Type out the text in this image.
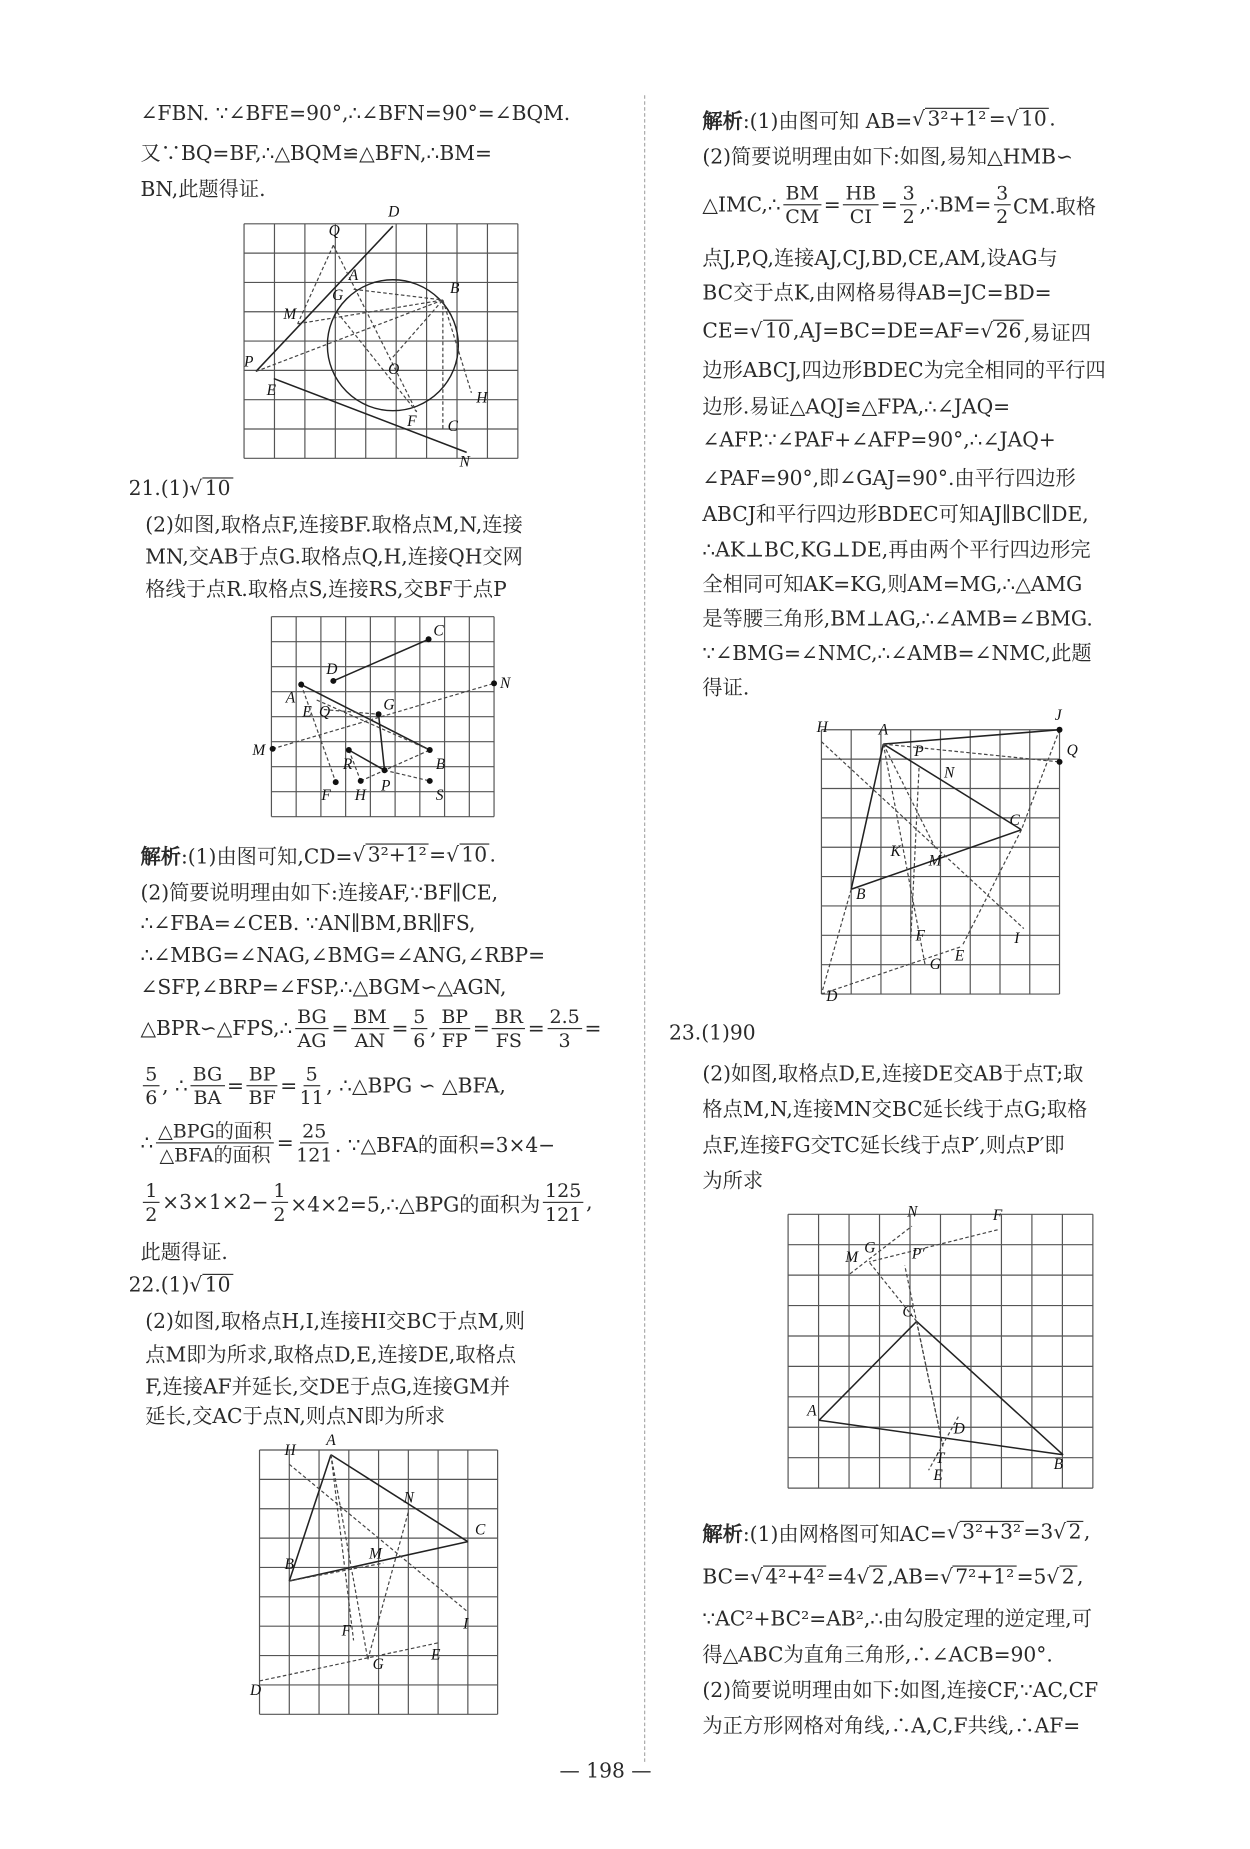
∠FBN. ∵∠BFE=90°,∴∠BFN=90°=∠BQM.
又∵BQ=BF,∴△BQM≌△BFN,∴BM=
BN,此题得证.
21.(1) √ 10
(2)如图,取格点F,连接BF.取格点M,N,连接
MN,交AB于点G.取格点Q,H,连接QH交网
格线于点R.取格点S,连接RS,交BF于点P
解析 :(1)由图可知,CD= √ 3²+1² = √ 10 .
(2)简要说明理由如下:连接AF,∵BF∥CE,
∴∠FBA=∠CEB. ∵AN∥BM,BR∥FS,
∴∠MBG=∠NAG,∠BMG=∠ANG,∠RBP=
∠SFP,∠BRP=∠FSP,∴△BGM∽△AGN,
△BPR∽△FPS,∴ $\frac{BG}{AG} = \frac{BM}{AN} = \frac{5}{6}$ , $\frac{BP}{FP} = \frac{BR}{FS} = \frac{2.5}{3}$ =
$\frac{5}{6}$ , ∴ $\frac{BG}{BA} = \frac{BP}{BF} = \frac{5}{11}$ , ∴△BPG ∽ △BFA,
∴ $\frac{\text{△BPG的面积}}{\text{△BFA的面积}} = \frac{25}{121}$ . ∵△BFA的面积=3×4−
$\frac{1}{2} \times 3\times 1\times 2- \frac{1}{2}$ ×4×2=5,∴△BPG的面积为 $\frac{125}{121}$ ,
此题得证.
22.(1) √ 10
(2)如图,取格点H,I,连接HI交BC于点M,则
点M即为所求,取格点D,E,连接DE,取格点
F,连接AF并延长,交DE于点G,连接GM并
延长,交AC于点N,则点N即为所求
解析 :(1)由图可知 AB= √ 3²+1² = √ 10 .
(2)简要说明理由如下:如图,易知△HMB∽
△IMC,∴ $\frac{BM}{CM} = \frac{HB}{CI} = \frac{3}{2}$ ,∴BM= $\frac{3}{2}$ CM.取格
点J,P,Q,连接AJ,CJ,BD,CE,AM,设AG与
BC交于点K,由网格易得AB=JC=BD=
CE= √ 10 ,AJ=BC=DE=AF= √ 26 ,易证四
边形ABCJ,四边形BDEC为完全相同的平行四
边形.易证△AQJ≌△FPA,∴∠JAQ=
∠AFP.∵∠PAF+∠AFP=90°,∴∠JAQ+
∠PAF=90°,即∠GAJ=90°.由平行四边形
ABCJ和平行四边形BDEC可知AJ∥BC∥DE,
∴AK⊥BC,KG⊥DE,再由两个平行四边形完
全相同可知AK=KG,则AM=MG,∴△AMG
是等腰三角形,BM⊥AG,∴∠AMB=∠BMG.
∵∠BMG=∠NMC,∴∠AMB=∠NMC,此题
得证.
23.(1)90
(2)如图,取格点D,E,连接DE交AB于点T;取
格点M,N,连接MN交BC延长线于点G;取格
点F,连接FG交TC延长线于点P′,则点P′即
为所求
解析 :(1)由网格图可知AC= √ 3²+3² =3 √ 2 ,
BC= √ 4²+4² =4 √ 2 ,AB= √ 7²+1² =5 √ 2 ,
∵AC²+BC²=AB²,∴由勾股定理的逆定理,可
得△ABC为直角三角形,∴∠ACB=90°.
(2)简要说明理由如下:如图,连接CF,∵AC,CF
为正方形网格对角线,∴A,C,F共线,∴AF=
D
Q
A
B
G
M
P	O
E	H
F C
N
C
D
A
E Q
N
G
M
R	B
P
H
F	S
H
A
N
C
B
M
F	I
E
G
D
H	A
J
Q
P
N
C
K
M
B
I
F
E
G
D
N	F
G	P′
M
C
A
D
T
E
B
— 198 —
